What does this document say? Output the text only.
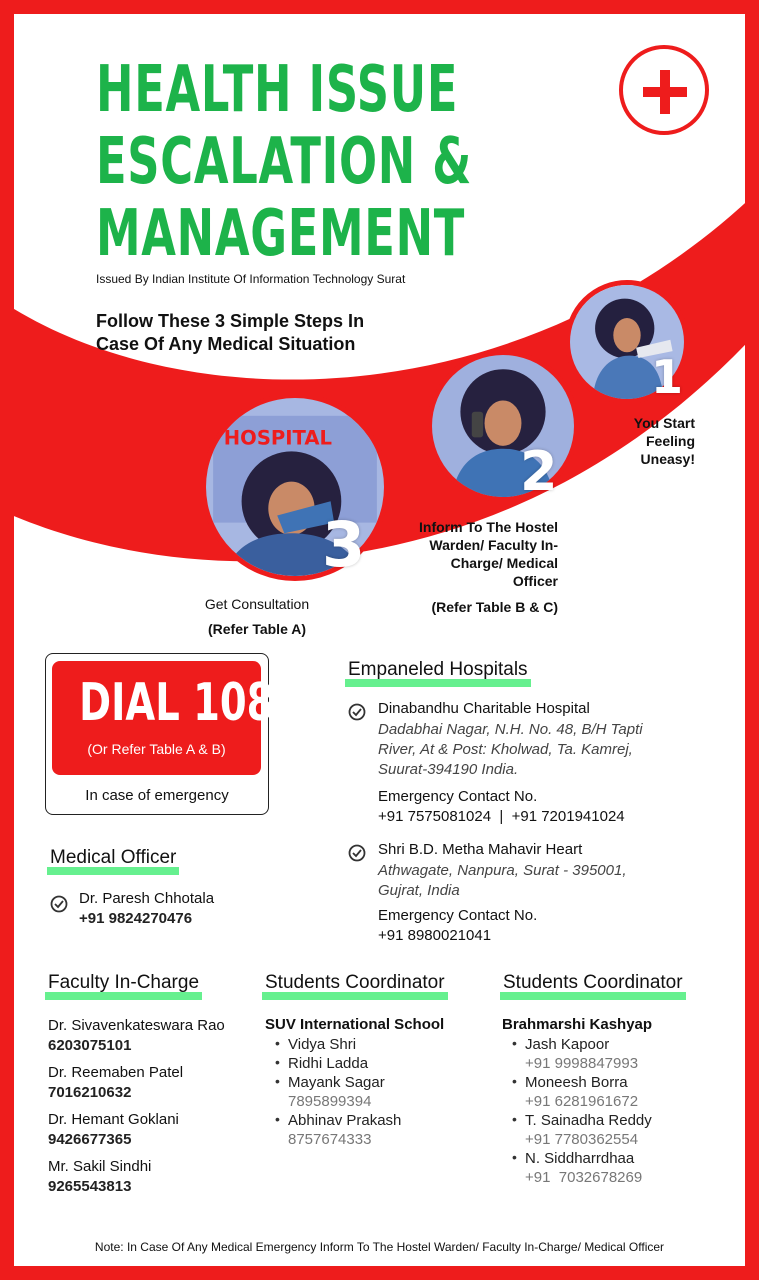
HEALTH ISSUE
ESCALATION &
MANAGEMENT
Issued By Indian Institute Of Information Technology Surat
Follow These 3 Simple Steps In
Case Of Any Medical Situation
1
You Start
Feeling
Uneasy!
2
Inform To The Hostel
Warden/ Faculty In-
Charge/ Medical
Officer
(Refer Table B & C)
HOSPITAL
3
Get Consultation
(Refer Table A)
DIAL 108
(Or Refer Table A & B)
In case of emergency
Empaneled Hospitals
Dinabandhu Charitable Hospital
Dadabhai Nagar, N.H. No. 48, B/H Tapti
River, At & Post: Kholwad, Ta. Kamrej,
Suurat-394190 India.
Emergency Contact No.
+91 7575081024  |  +91 7201941024
Shri B.D. Metha Mahavir Heart
Athwagate, Nanpura, Surat - 395001,
Gujrat, India
Emergency Contact No.
+91 8980021041
Medical Officer
Dr. Paresh Chhotala
+91 9824270476
Faculty In-Charge
Dr. Sivavenkateswara Rao
6203075101
Dr. Reemaben Patel
7016210632
Dr. Hemant Goklani
9426677365
Mr. Sakil Sindhi
9265543813
Students Coordinator
SUV International School
• Vidya Shri
• Ridhi Ladda
• Mayank Sagar
7895899394
• Abhinav Prakash
8757674333
Students Coordinator
Brahmarshi Kashyap
• Jash Kapoor
+91 9998847993
• Moneesh Borra
+91 6281961672
• T. Sainadha Reddy
+91 7780362554
• N. Siddharrdhaa
+91  7032678269
Note: In Case Of Any Medical Emergency Inform To The Hostel Warden/ Faculty In-Charge/ Medical Officer
